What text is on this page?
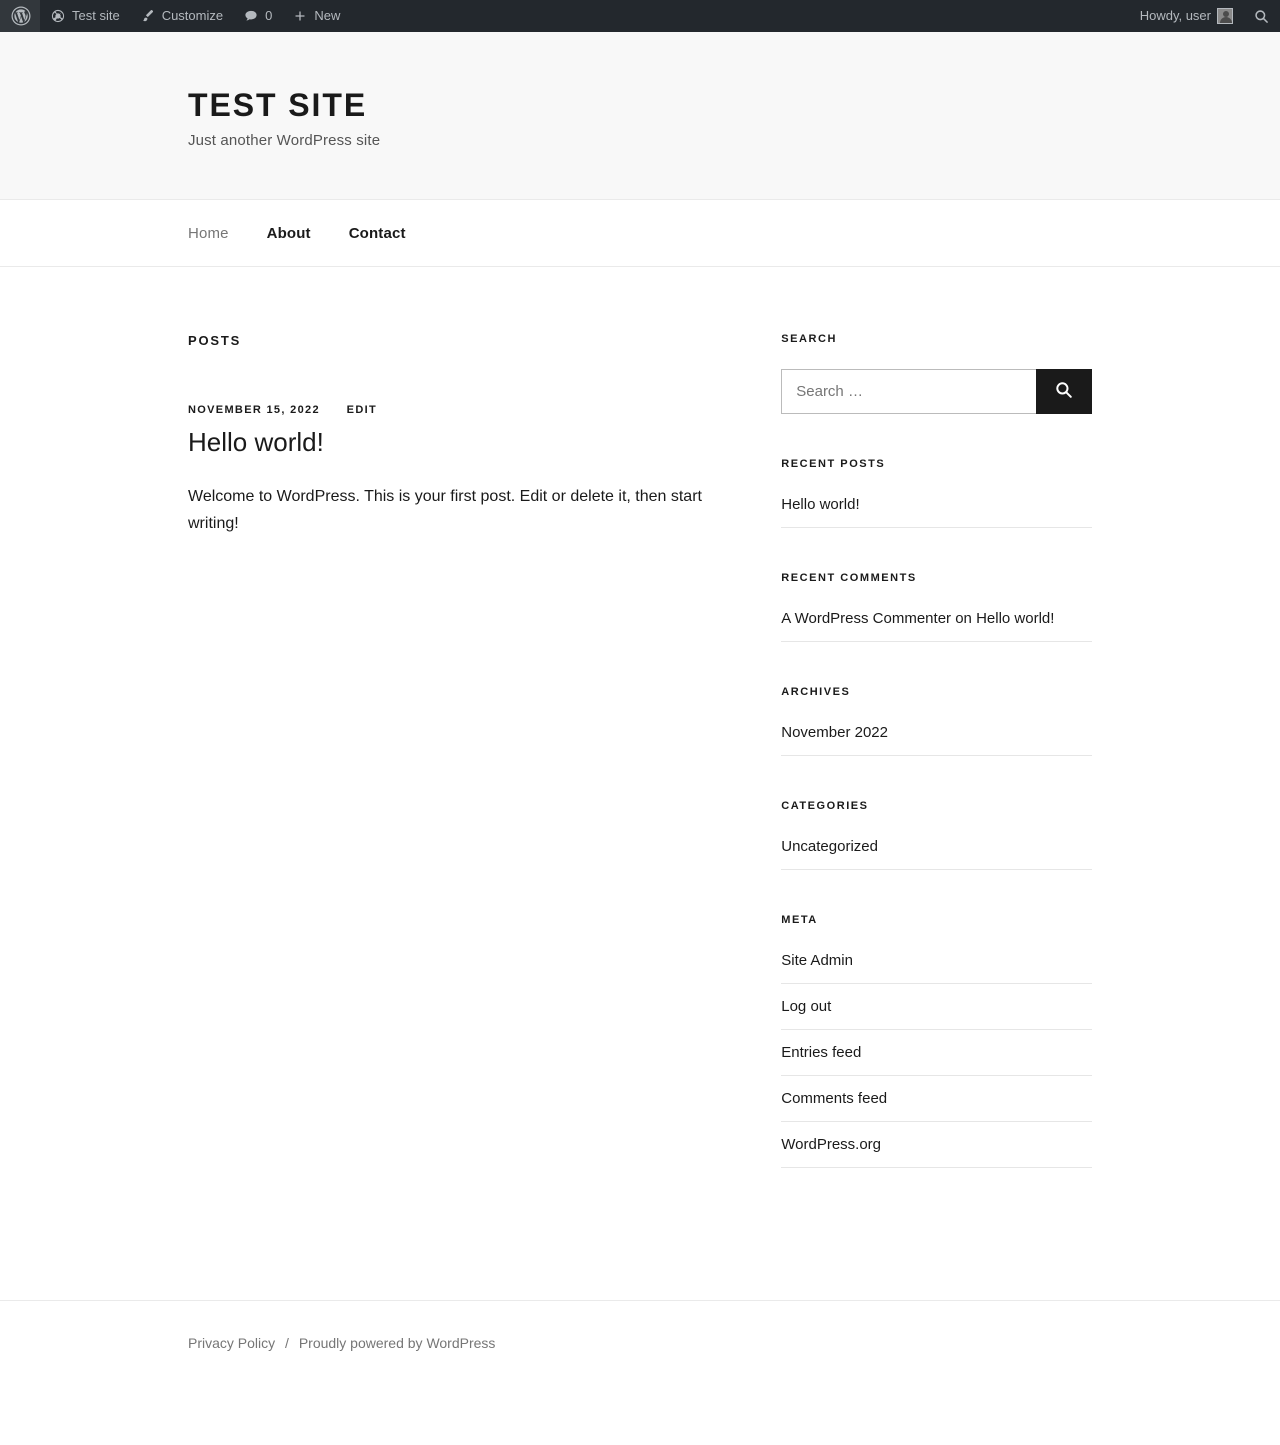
Test site	Customize	0	New	Howdy, user
TEST SITE

Just another WordPress site

Home	About	Contact
POSTS
NOVEMBER 15, 2022 EDIT
Hello world!

Welcome to WordPress. This is your first post. Edit or delete it, then start writing!

SEARCH
Search …
RECENT POSTS
Hello world!
RECENT COMMENTS
A WordPress Commenter on Hello world!
ARCHIVES
November 2022
CATEGORIES
Uncategorized
META
Site Admin
Log out
Entries feed
Comments feed
WordPress.org
Privacy Policy / Proudly powered by WordPress
